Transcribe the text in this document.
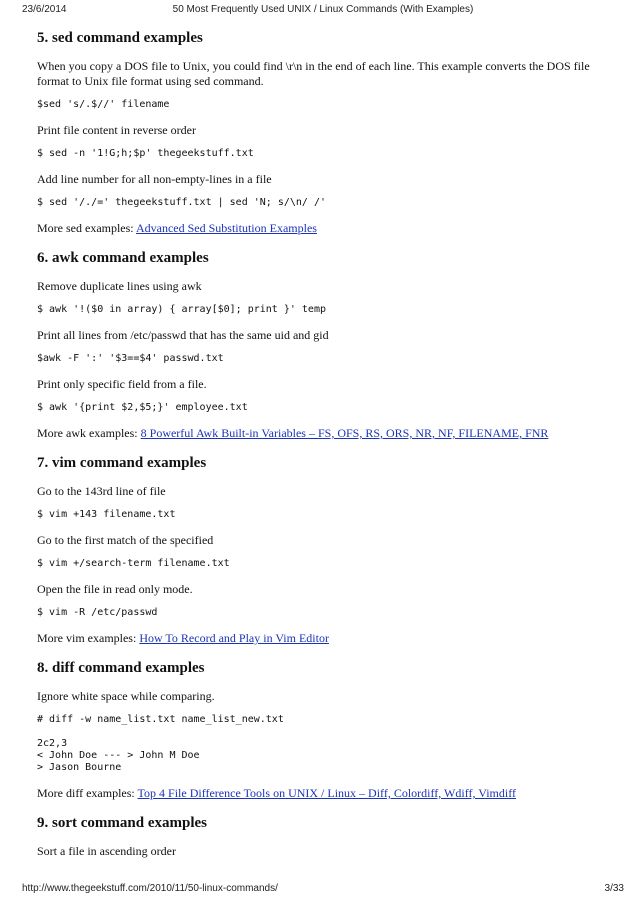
23/6/2014	50 Most Frequently Used UNIX / Linux Commands (With Examples)
5. sed command examples

When you copy a DOS file to Unix, you could find \r\n in the end of each line. This example converts the DOS file format to Unix file format using sed command.

$sed 's/.$//' filename

Print file content in reverse order

$ sed -n '1!G;h;$p' thegeekstuff.txt

Add line number for all non-empty-lines in a file

$ sed '/./=' thegeekstuff.txt | sed 'N; s/\n/ /'

More sed examples: Advanced Sed Substitution Examples

6. awk command examples

Remove duplicate lines using awk

$ awk '!($0 in array) { array[$0]; print }' temp

Print all lines from /etc/passwd that has the same uid and gid

$awk -F ':' '$3==$4' passwd.txt

Print only specific field from a file.

$ awk '{print $2,$5;}' employee.txt

More awk examples: 8 Powerful Awk Built-in Variables – FS, OFS, RS, ORS, NR, NF, FILENAME, FNR

7. vim command examples

Go to the 143rd line of file

$ vim +143 filename.txt

Go to the first match of the specified

$ vim +/search-term filename.txt

Open the file in read only mode.

$ vim -R /etc/passwd

More vim examples: How To Record and Play in Vim Editor

8. diff command examples

Ignore white space while comparing.

# diff -w name_list.txt name_list_new.txt

2c2,3
< John Doe --- > John M Doe
> Jason Bourne

More diff examples: Top 4 File Difference Tools on UNIX / Linux – Diff, Colordiff, Wdiff, Vimdiff

9. sort command examples

Sort a file in ascending order

http://www.thegeekstuff.com/2010/11/50-linux-commands/	3/33
